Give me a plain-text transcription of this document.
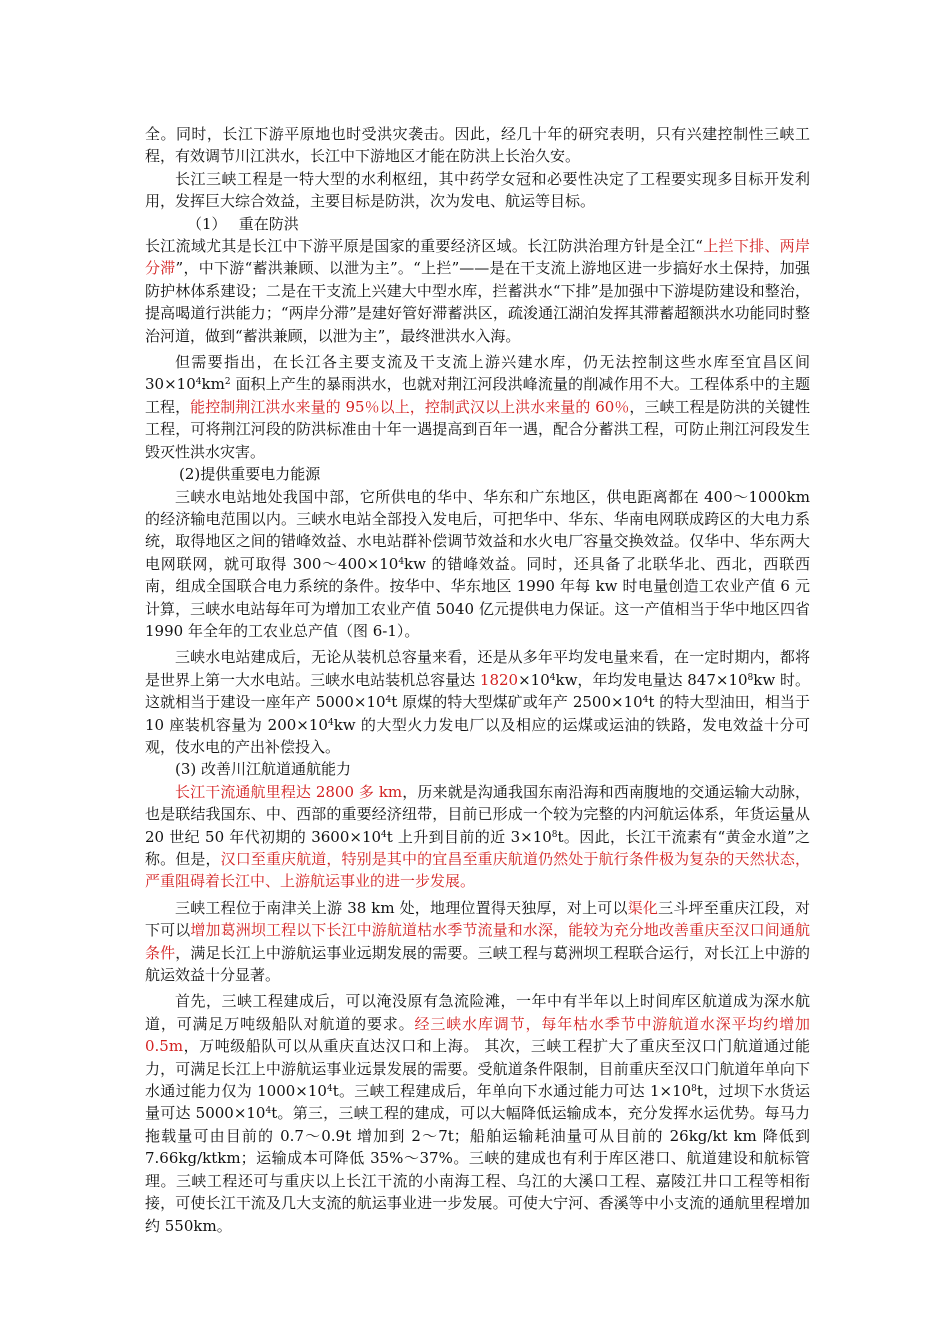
全。同时，长江下游平原地也时受洪灾袭击。因此，经几十年的研究表明，只有兴建控制性三峡工程，有效调节川江洪水，长江中下游地区才能在防洪上长治久安。

长江三峡工程是一特大型的水利枢纽，其中药学女冠和必要性决定了工程要实现多目标开发利用，发挥巨大综合效益，主要目标是防洪，次为发电、航运等目标。

（1）　 重在防洪

长江流域尤其是长江中下游平原是国家的重要经济区域。长江防洪治理方针是全江“上拦下排、两岸分滞”，中下游“蓄洪兼顾、以泄为主”。“上拦”——是在干支流上游地区进一步搞好水土保持，加强防护林体系建设；二是在干支流上兴建大中型水库，拦蓄洪水“下排”是加强中下游堤防建设和整治，提高喝道行洪能力；“两岸分滞”是建好管好滞蓄洪区，疏浚通江湖泊发挥其滞蓄超额洪水功能同时整治河道，做到“蓄洪兼顾，以泄为主”，最终泄洪水入海。

但需要指出，在长江各主要支流及干支流上游兴建水库，仍无法控制这些水库至宜昌区间 $30\times 10^4km^2$ 面积上产生的暴雨洪水，也就对荆江河段洪峰流量的削减作用不大。工程体系中的主题工程，能控制荆江洪水来量的 95％以上，控制武汉以上洪水来量的 60％，三峡工程是防洪的关键性工程，可将荆江河段的防洪标准由十年一遇提高到百年一遇，配合分蓄洪工程，可防止荆江河段发生毁灭性洪水灾害。

(2)提供重要电力能源

三峡水电站地处我国中部，它所供电的华中、华东和广东地区，供电距离都在 400～1000km 的经济输电范围以内。三峡水电站全部投入发电后，可把华中、华东、华南电网联成跨区的大电力系统，取得地区之间的错峰效益、水电站群补偿调节效益和水火电厂容量交换效益。仅华中、华东两大电网联网，就可取得 $300\sim 400\times 10^4kw$ 的错峰效益。同时，还具备了北联华北、西北，西联西南，组成全国联合电力系统的条件。按华中、华东地区 1990 年每 kw 时电量创造工农业产值 6 元计算，三峡水电站每年可为增加工农业产值 5040 亿元提供电力保证。这一产值相当于华中地区四省 1990 年全年的工农业总产值（图 6-1）。

三峡水电站建成后，无论从装机总容量来看，还是从多年平均发电量来看，在一定时期内，都将是世界上第一大水电站。三峡水电站装机总容量达 $1820\times 10^4kw$，年均发电量达 $847\times 10^8kw$ 时。这就相当于建设一座年产 $5000\times 10^4t$ 原煤的特大型煤矿或年产 $2500\times 10^4t$ 的特大型油田，相当于 10 座装机容量为 $200\times 10^4kw$ 的大型火力发电厂以及相应的运煤或运油的铁路，发电效益十分可观，伎水电的产出补偿投入。

(3) 改善川江航道通航能力

长江干流通航里程达 2800 多 km，历来就是沟通我国东南沿海和西南腹地的交通运输大动脉，也是联结我国东、中、西部的重要经济纽带，目前已形成一个较为完整的内河航运体系，年货运量从 20 世纪 50 年代初期的 $3600\times 10^4t$ 上升到目前的近 $3\times 10^8t$。因此，长江干流素有“黄金水道”之称。但是，汉口至重庆航道，特别是其中的宜昌至重庆航道仍然处于航行条件极为复杂的天然状态，严重阻碍着长江中、上游航运事业的进一步发展。

三峡工程位于南津关上游 38 km 处，地理位置得天独厚，对上可以渠化三斗坪至重庆江段，对下可以增加葛洲坝工程以下长江中游航道枯水季节流量和水深，能较为充分地改善重庆至汉口间通航条件，满足长江上中游航运事业远期发展的需要。三峡工程与葛洲坝工程联合运行，对长江上中游的航运效益十分显著。

首先，三峡工程建成后，可以淹没原有急流险滩，一年中有半年以上时间库区航道成为深水航道，可满足万吨级船队对航道的要求。经三峡水库调节，每年枯水季节中游航道水深平均约增加 0.5m，万吨级船队可以从重庆直达汉口和上海。 其次，三峡工程扩大了重庆至汉口门航道通过能力，可满足长江上中游航运事业远景发展的需要。受航道条件限制，目前重庆至汉口门航道年单向下水通过能力仅为 $1000\times 10^4t$。三峡工程建成后，年单向下水通过能力可达 $1\times 10^8t$，过坝下水货运量可达 $5000\times 10^4t$。第三，三峡工程的建成，可以大幅降低运输成本，充分发挥水运优势。每马力拖载量可由目前的 0.7～0.9t 增加到 2～7t；船舶运输耗油量可从目前的 26kg/kt km 降低到 7.66kg/ktkm；运输成本可降低 35%～37%。三峡的建成也有利于库区港口、航道建设和航标管理。三峡工程还可与重庆以上长江干流的小南海工程、乌江的大溪口工程、嘉陵江井口工程等相衔接，可使长江干流及几大支流的航运事业进一步发展。可使大宁河、香溪等中小支流的通航里程增加约 550km。
